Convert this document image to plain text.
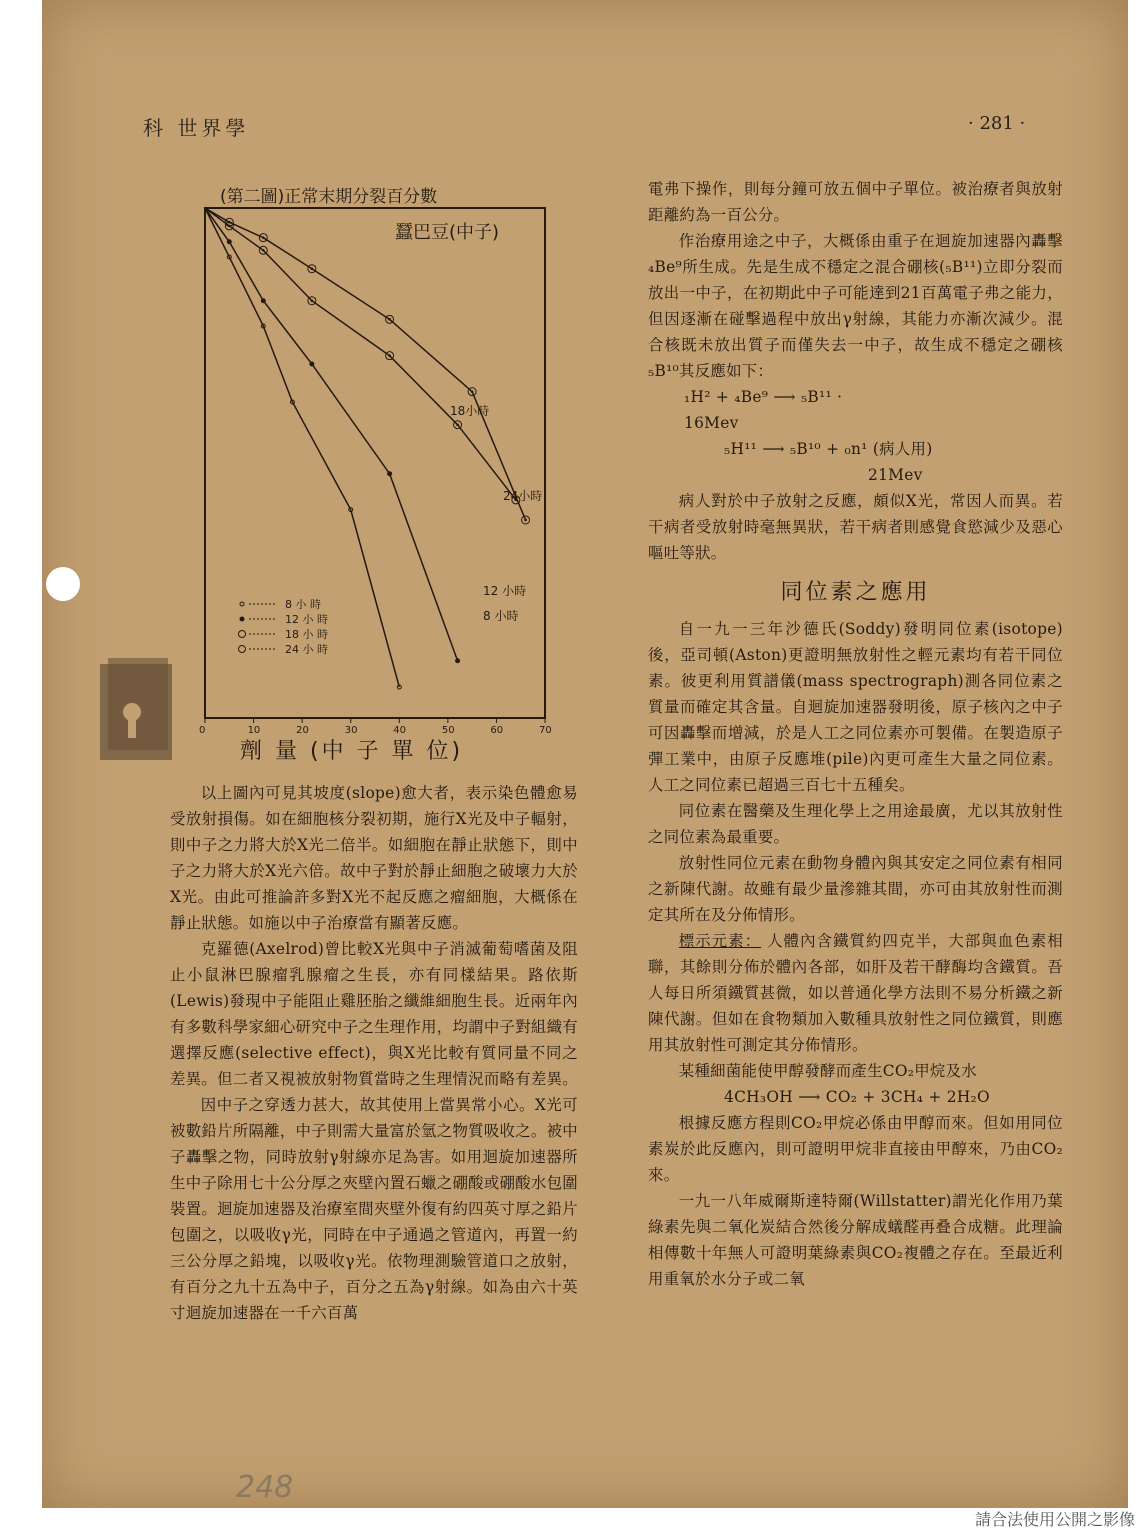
科 世界學	· 281 ·
(第二圖)正常末期分裂百分數
蠶巴豆(中子)
劑 量 (中 子 單 位)
0	10	20	30	40	50	60	70
18小時
24小時
12 小時
8 小時
8 小 時
12 小 時
18 小 時
24 小 時

以上圖內可見其坡度(slope)愈大者，表示染色體愈易受放射損傷。如在細胞核分裂初期，施行X光及中子輻射，則中子之力將大於X光二倍半。如細胞在靜止狀態下，則中子之力將大於X光六倍。故中子對於靜止細胞之破壞力大於X光。由此可推論許多對X光不起反應之瘤細胞，大概係在靜止狀態。如施以中子治療當有顯著反應。

克羅德(Axelrod)曾比較X光與中子消滅葡萄嗜菌及阻止小鼠淋巴腺瘤乳腺瘤之生長，亦有同樣結果。路依斯(Lewis)發現中子能阻止雞胚胎之纖維細胞生長。近兩年內有多數科學家細心研究中子之生理作用，均謂中子對組織有選擇反應(selective effect)，與X光比較有質同量不同之差異。但二者又視被放射物質當時之生理情況而略有差異。

因中子之穿透力甚大，故其使用上當異常小心。X光可被數鉛片所隔離，中子則需大量富於氫之物質吸收之。被中子轟擊之物，同時放射γ射線亦足為害。如用迴旋加速器所生中子除用七十公分厚之夾壁內置石蠟之硼酸或硼酸水包圍裝置。迴旋加速器及治療室間夾壁外復有約四英寸厚之鉛片包圍之，以吸收γ光，同時在中子通過之管道內，再置一約三公分厚之鉛塊，以吸收γ光。依物理測驗管道口之放射，有百分之九十五為中子，百分之五為γ射線。如為由六十英寸迴旋加速器在一千六百萬

電弗下操作，則每分鐘可放五個中子單位。被治療者與放射距離約為一百公分。

作治療用途之中子，大概係由重子在迴旋加速器內轟擊₄Be⁹所生成。先是生成不穩定之混合硼核(₅B¹¹)立即分裂而放出一中子，在初期此中子可能達到21百萬電子弗之能力，但因逐漸在碰擊過程中放出γ射線，其能力亦漸次減少。混合核既未放出質子而僅失去一中子，故生成不穩定之硼核₅B¹⁰其反應如下：

₁H² + ₄Be⁹ ⟶ ₅B¹¹ ·

16Mev

₅H¹¹ ⟶ ₅B¹⁰ + ₀n¹ (病人用)

21Mev

病人對於中子放射之反應，頗似X光，常因人而異。若干病者受放射時毫無異狀，若干病者則感覺食慾減少及惡心嘔吐等狀。

同位素之應用

自一九一三年沙德氏(Soddy)發明同位素(isotope)後，亞司頓(Aston)更證明無放射性之輕元素均有若干同位素。彼更利用質譜儀(mass spectrograph)測各同位素之質量而確定其含量。自迴旋加速器發明後，原子核內之中子可因轟擊而增減，於是人工之同位素亦可製備。在製造原子彈工業中，由原子反應堆(pile)內更可產生大量之同位素。人工之同位素已超過三百七十五種矣。

同位素在醫藥及生理化學上之用途最廣，尤以其放射性之同位素為最重要。

放射性同位元素在動物身體內與其安定之同位素有相同之新陳代謝。故雖有最少量滲雜其間，亦可由其放射性而測定其所在及分佈情形。

標示元素： 人體內含鐵質約四克半，大部與血色素相聯，其餘則分佈於體內各部，如肝及若干酵酶均含鐵質。吾人每日所須鐵質甚微，如以普通化學方法則不易分析鐵之新陳代謝。但如在食物類加入數種具放射性之同位鐵質，則應用其放射性可測定其分佈情形。

某種細菌能使甲醇發酵而產生CO₂甲烷及水

4CH₃OH ⟶ CO₂ + 3CH₄ + 2H₂O

根據反應方程則CO₂甲烷必係由甲醇而來。但如用同位素炭於此反應內，則可證明甲烷非直接由甲醇來，乃由CO₂來。

一九一八年威爾斯達特爾(Willstatter)謂光化作用乃葉綠素先與二氧化炭結合然後分解成蟻醛再叠合成糖。此理論相傳數十年無人可證明葉綠素與CO₂複體之存在。至最近利用重氧於水分子或二氧

248
請合法使用公開之影像
